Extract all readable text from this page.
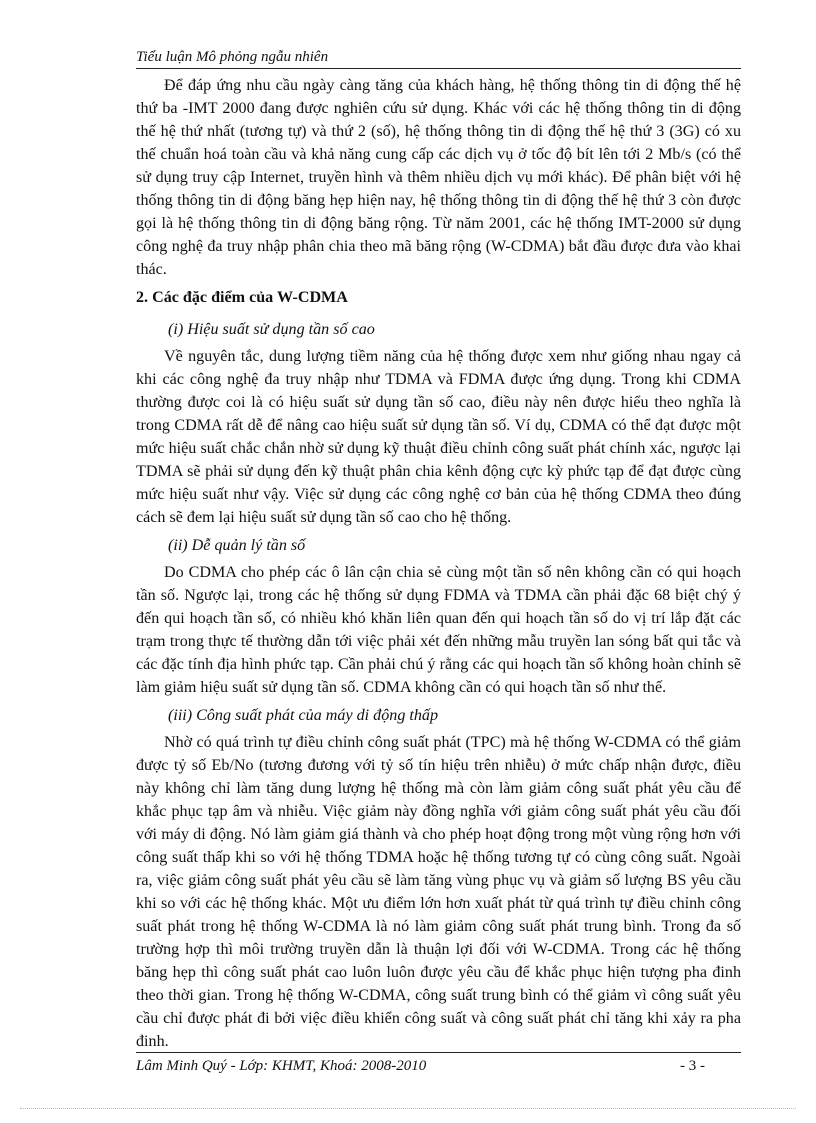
Tiểu luận Mô phỏng ngẫu nhiên

Để đáp ứng nhu cầu ngày càng tăng của khách hàng, hệ thống thông tin di động thế hệ thứ ba -IMT 2000 đang được nghiên cứu sử dụng. Khác với các hệ thống thông tin di động thế hệ thứ nhất (tương tự) và thứ 2 (số), hệ thống thông tin di động thế hệ thứ 3 (3G) có xu thế chuẩn hoá toàn cầu và khả năng cung cấp các dịch vụ ở tốc độ bít lên tới 2 Mb/s (có thể sử dụng truy cập Internet, truyền hình và thêm nhiều dịch vụ mới khác). Để phân biệt với hệ thống thông tin di động băng hẹp hiện nay, hệ thống thông tin di động thế hệ thứ 3 còn được gọi là hệ thống thông tin di động băng rộng. Từ năm 2001, các hệ thống IMT-2000 sử dụng công nghệ đa truy nhập phân chia theo mã băng rộng (W-CDMA) bắt đầu được đưa vào khai thác.

2. Các đặc điểm của W-CDMA
(i) Hiệu suất sử dụng tần số cao

Về nguyên tắc, dung lượng tiềm năng của hệ thống được xem như giống nhau ngay cả khi các công nghệ đa truy nhập như TDMA và FDMA được ứng dụng. Trong khi CDMA thường được coi là có hiệu suất sử dụng tần số cao, điều này nên được hiểu theo nghĩa là trong CDMA rất dễ để nâng cao hiệu suất sử dụng tần số. Ví dụ, CDMA có thể đạt được một mức hiệu suất chắc chắn nhờ sử dụng kỹ thuật điều chỉnh công suất phát chính xác, ngược lại TDMA sẽ phải sử dụng đến kỹ thuật phân chia kênh động cực kỳ phức tạp để đạt được cùng mức hiệu suất như vậy. Việc sử dụng các công nghệ cơ bản của hệ thống CDMA theo đúng cách sẽ đem lại hiệu suất sử dụng tần số cao cho hệ thống.

(ii) Dễ quản lý tần số

Do CDMA cho phép các ô lân cận chia sẻ cùng một tần số nên không cần có qui hoạch tần số. Ngược lại, trong các hệ thống sử dụng FDMA và TDMA cần phải đặc 68 biệt chý ý đến qui hoạch tần số, có nhiều khó khăn liên quan đến qui hoạch tần số do vị trí lắp đặt các trạm trong thực tế thường dẫn tới việc phải xét đến những mẫu truyền lan sóng bất qui tắc và các đặc tính địa hình phức tạp. Cần phải chú ý rằng các qui hoạch tần số không hoàn chỉnh sẽ làm giảm hiệu suất sử dụng tần số. CDMA không cần có qui hoạch tần số như thế.

(iii) Công suất phát của máy di động thấp

Nhờ có quá trình tự điều chỉnh công suất phát (TPC) mà hệ thống W-CDMA có thể giảm được tỷ số Eb/No (tương đương với tỷ số tín hiệu trên nhiễu) ở mức chấp nhận được, điều này không chỉ làm tăng dung lượng hệ thống mà còn làm giảm công suất phát yêu cầu để khắc phục tạp âm và nhiễu. Việc giảm này đồng nghĩa với giảm công suất phát yêu cầu đối với máy di động. Nó làm giảm giá thành và cho phép hoạt động trong một vùng rộng hơn với công suất thấp khi so với hệ thống TDMA hoặc hệ thống tương tự có cùng công suất. Ngoài ra, việc giảm công suất phát yêu cầu sẽ làm tăng vùng phục vụ và giảm số lượng BS yêu cầu khi so với các hệ thống khác. Một ưu điểm lớn hơn xuất phát từ quá trình tự điều chỉnh công suất phát trong hệ thống W-CDMA là nó làm giảm công suất phát trung bình. Trong đa số trường hợp thì môi trường truyền dẫn là thuận lợi đối với W-CDMA. Trong các hệ thống băng hẹp thì công suất phát cao luôn luôn được yêu cầu để khắc phục hiện tượng pha đinh theo thời gian. Trong hệ thống W-CDMA, công suất trung bình có thể giảm vì công suất yêu cầu chỉ được phát đi bởi việc điều khiển công suất và công suất phát chỉ tăng khi xảy ra pha đinh.

Lâm Minh Quý - Lớp: KHMT, Khoá: 2008-2010	- 3 -
